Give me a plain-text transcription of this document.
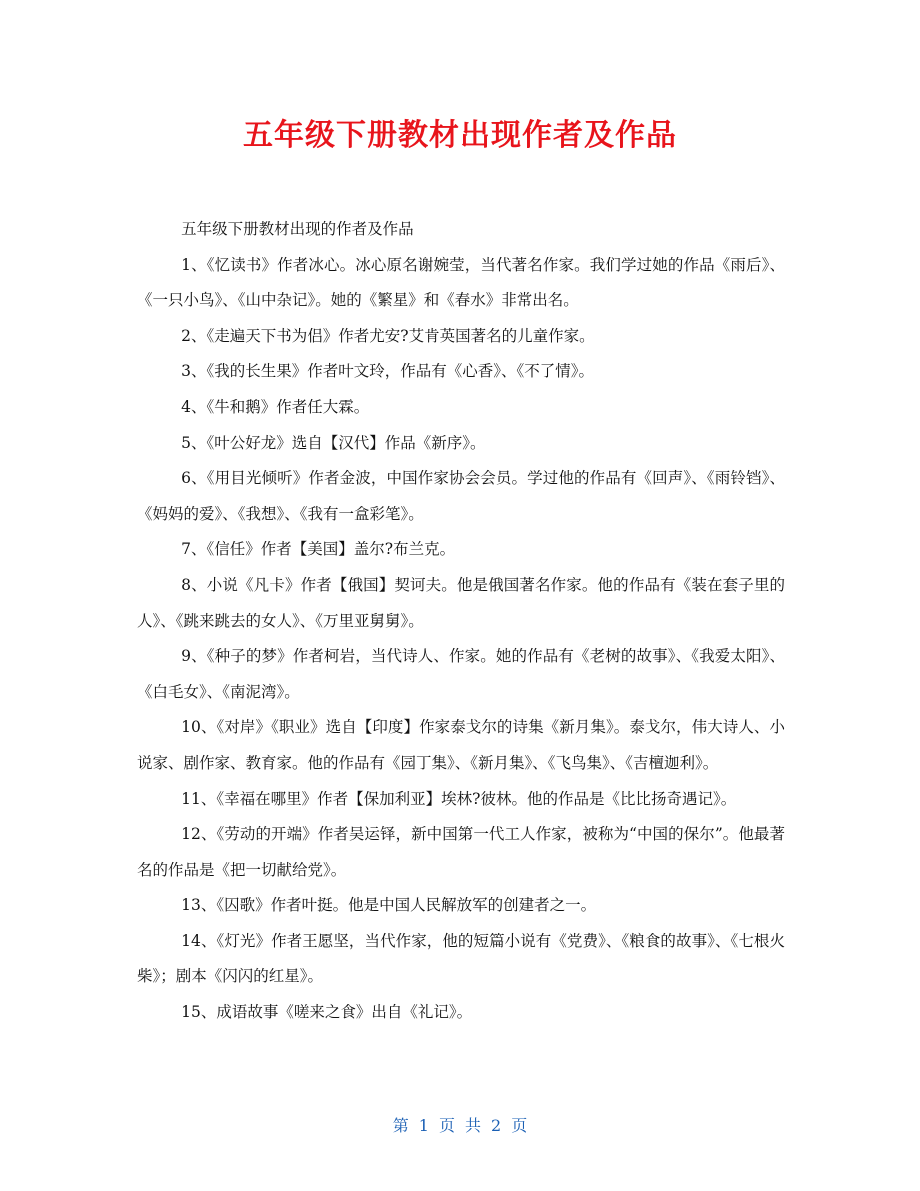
五年级下册教材出现作者及作品

五年级下册教材出现的作者及作品

1、《忆读书》作者冰心。冰心原名谢婉莹，当代著名作家。我们学过她的作品《雨后》、《一只小鸟》、《山中杂记》。她的《繁星》和《春水》非常出名。

2、《走遍天下书为侣》作者尤安?艾肯英国著名的儿童作家。

3、《我的长生果》作者叶文玲，作品有《心香》、《不了情》。

4、《牛和鹅》作者任大霖。

5、《叶公好龙》选自【汉代】作品《新序》。

6、《用目光倾听》作者金波，中国作家协会会员。学过他的作品有《回声》、《雨铃铛》、《妈妈的爱》、《我想》、《我有一盒彩笔》。

7、《信任》作者【美国】盖尔?布兰克。

8、小说《凡卡》作者【俄国】契诃夫。他是俄国著名作家。他的作品有《装在套子里的人》、《跳来跳去的女人》、《万里亚舅舅》。

9、《种子的梦》作者柯岩，当代诗人、作家。她的作品有《老树的故事》、《我爱太阳》、《白毛女》、《南泥湾》。

10、《对岸》《职业》选自【印度】作家泰戈尔的诗集《新月集》。泰戈尔，伟大诗人、小说家、剧作家、教育家。他的作品有《园丁集》、《新月集》、《飞鸟集》、《吉檀迦利》。

11、《幸福在哪里》作者【保加利亚】埃林?彼林。他的作品是《比比扬奇遇记》。

12、《劳动的开端》作者吴运铎，新中国第一代工人作家，被称为“中国的保尔”。他最著名的作品是《把一切献给党》。

13、《囚歌》作者叶挺。他是中国人民解放军的创建者之一。

14、《灯光》作者王愿坚，当代作家，他的短篇小说有《党费》、《粮食的故事》、《七根火柴》；剧本《闪闪的红星》。

15、成语故事《嗟来之食》出自《礼记》。

第 1 页 共 2 页
